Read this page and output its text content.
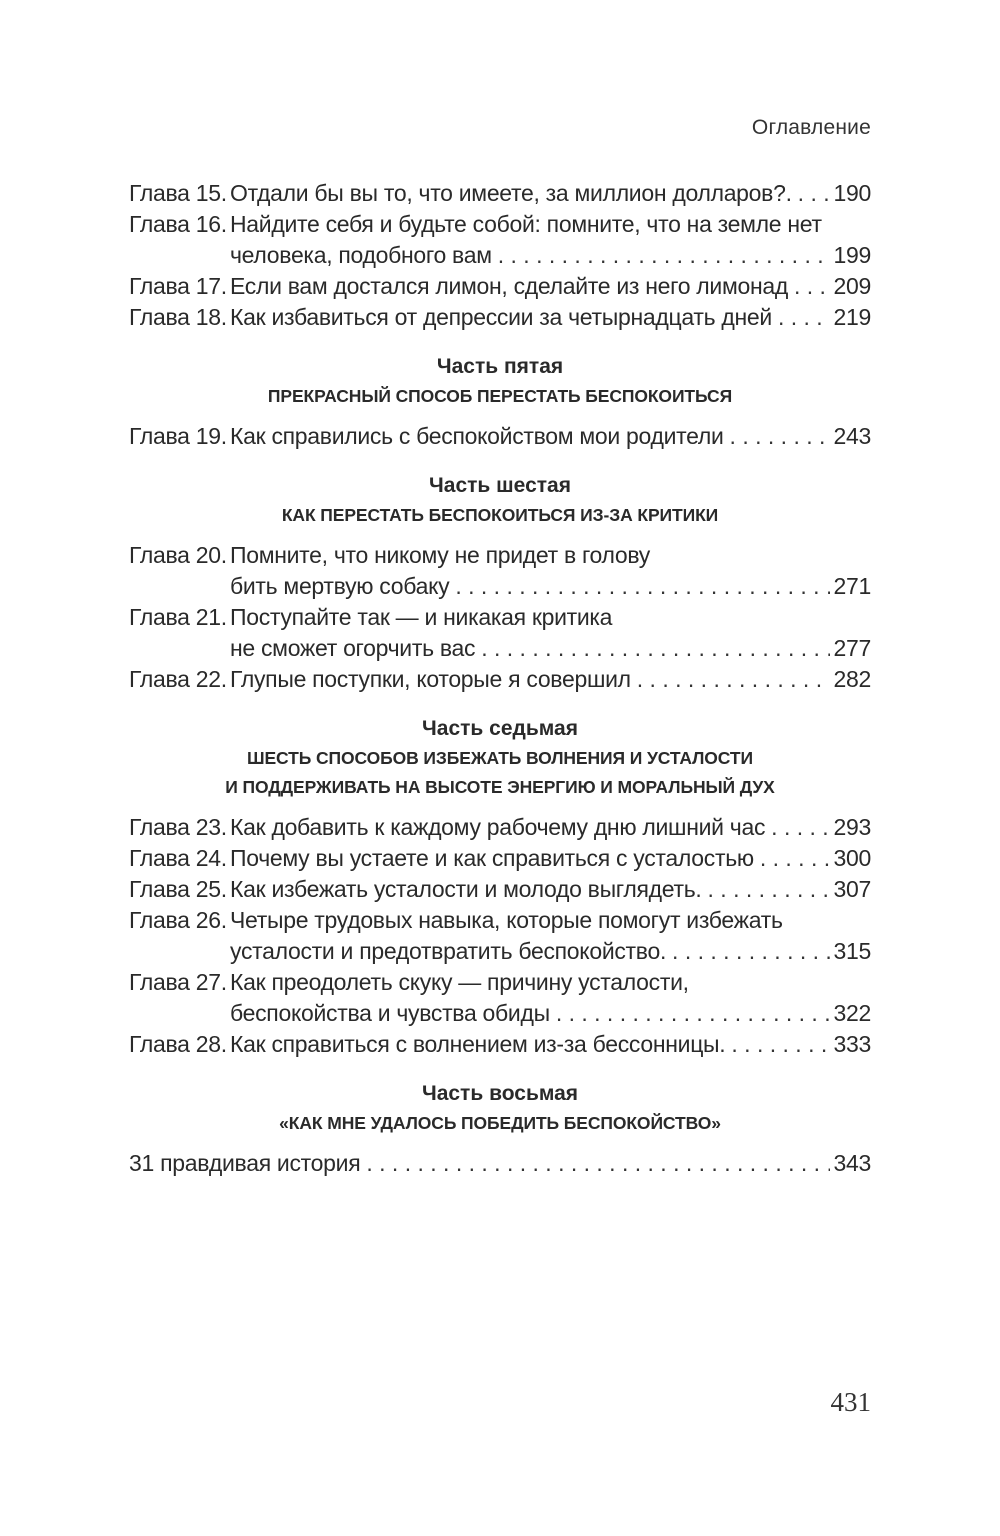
Оглавление
Глава 15. Отдали бы вы то, что имеете, за миллион долларов?. . . . 190
Глава 16. Найдите себя и будьте собой: помните, что на земле нет
человека, подобного вам . . .	199
Глава 17. Если вам достался лимон, сделайте из него лимонад . . . 209
Глава 18. Как избавиться от депрессии за четырнадцать дней . . .	219
Часть пятая
ПРЕКРАСНЫЙ СПОСОБ ПЕРЕСТАТЬ БЕСПОКОИТЬСЯ
Глава 19. Как справились с беспокойством мои родители . . .	243
Часть шестая
КАК ПЕРЕСТАТЬ БЕСПОКОИТЬСЯ ИЗ-ЗА КРИТИКИ
Глава 20. Помните, что никому не придет в голову
бить мертвую собаку . . .	271
Глава 21. Поступайте так — и никакая критика
не сможет огорчить вас . . .	277
Глава 22. Глупые поступки, которые я совершил . . .	282
Часть седьмая
ШЕСТЬ СПОСОБОВ ИЗБЕЖАТЬ ВОЛНЕНИЯ И УСТАЛОСТИ
И ПОДДЕРЖИВАТЬ НА ВЫСОТЕ ЭНЕРГИЮ И МОРАЛЬНЫЙ ДУХ
Глава 23. Как добавить к каждому рабочему дню лишний час . . .	293
Глава 24. Почему вы устаете и как справиться с усталостью . . .	300
Глава 25. Как избежать усталости и молодо выглядеть. . . .	307
Глава 26. Четыре трудовых навыка, которые помогут избежать
усталости и предотвратить беспокойство. . . .	315
Глава 27. Как преодолеть скуку — причину усталости,
беспокойства и чувства обиды . . .	322
Глава 28. Как справиться с волнением из-за бессонницы. . . .	333
Часть восьмая
«КАК МНЕ УДАЛОСЬ ПОБЕДИТЬ БЕСПОКОЙСТВО»
31 правдивая история . . .	343
431
